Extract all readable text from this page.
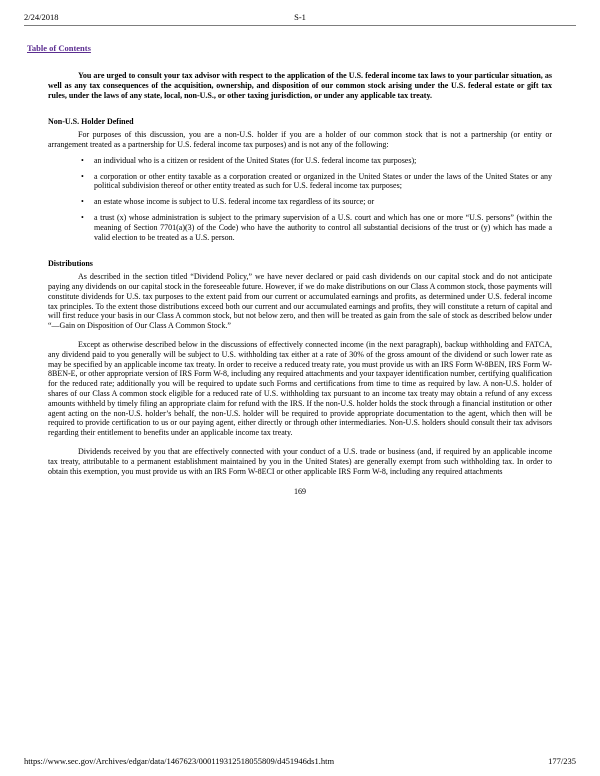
2/24/2018	S-1
Table of Contents

You are urged to consult your tax advisor with respect to the application of the U.S. federal income tax laws to your particular situation, as well as any tax consequences of the acquisition, ownership, and disposition of our common stock arising under the U.S. federal estate or gift tax rules, under the laws of any state, local, non-U.S., or other taxing jurisdiction, or under any applicable tax treaty.

Non-U.S. Holder Defined

For purposes of this discussion, you are a non-U.S. holder if you are a holder of our common stock that is not a partnership (or entity or arrangement treated as a partnership for U.S. federal income tax purposes) and is not any of the following:

• an individual who is a citizen or resident of the United States (for U.S. federal income tax purposes);
• a corporation or other entity taxable as a corporation created or organized in the United States or under the laws of the United States or any political subdivision thereof or other entity treated as such for U.S. federal income tax purposes;
• an estate whose income is subject to U.S. federal income tax regardless of its source; or
• a trust (x) whose administration is subject to the primary supervision of a U.S. court and which has one or more “U.S. persons” (within the meaning of Section 7701(a)(3) of the Code) who have the authority to control all substantial decisions of the trust or (y) which has made a valid election to be treated as a U.S. person.

Distributions

As described in the section titled “Dividend Policy,” we have never declared or paid cash dividends on our capital stock and do not anticipate paying any dividends on our capital stock in the foreseeable future. However, if we do make distributions on our Class A common stock, those payments will constitute dividends for U.S. tax purposes to the extent paid from our current or accumulated earnings and profits, as determined under U.S. federal income tax principles. To the extent those distributions exceed both our current and our accumulated earnings and profits, they will constitute a return of capital and will first reduce your basis in our Class A common stock, but not below zero, and then will be treated as gain from the sale of stock as described below under “—Gain on Disposition of Our Class A Common Stock.”

Except as otherwise described below in the discussions of effectively connected income (in the next paragraph), backup withholding and FATCA, any dividend paid to you generally will be subject to U.S. withholding tax either at a rate of 30% of the gross amount of the dividend or such lower rate as may be specified by an applicable income tax treaty. In order to receive a reduced treaty rate, you must provide us with an IRS Form W-8BEN, IRS Form W-8BEN-E, or other appropriate version of IRS Form W-8, including any required attachments and your taxpayer identification number, certifying qualification for the reduced rate; additionally you will be required to update such Forms and certifications from time to time as required by law. A non-U.S. holder of shares of our Class A common stock eligible for a reduced rate of U.S. withholding tax pursuant to an income tax treaty may obtain a refund of any excess amounts withheld by timely filing an appropriate claim for refund with the IRS. If the non-U.S. holder holds the stock through a financial institution or other agent acting on the non-U.S. holder’s behalf, the non-U.S. holder will be required to provide appropriate documentation to the agent, which then will be required to provide certification to us or our paying agent, either directly or through other intermediaries. Non-U.S. holders should consult their tax advisors regarding their entitlement to benefits under an applicable income tax treaty.

Dividends received by you that are effectively connected with your conduct of a U.S. trade or business (and, if required by an applicable income tax treaty, attributable to a permanent establishment maintained by you in the United States) are generally exempt from such withholding tax. In order to obtain this exemption, you must provide us with an IRS Form W-8ECI or other applicable IRS Form W-8, including any required attachments

169

https://www.sec.gov/Archives/edgar/data/1467623/000119312518055809/d451946ds1.htm	177/235
